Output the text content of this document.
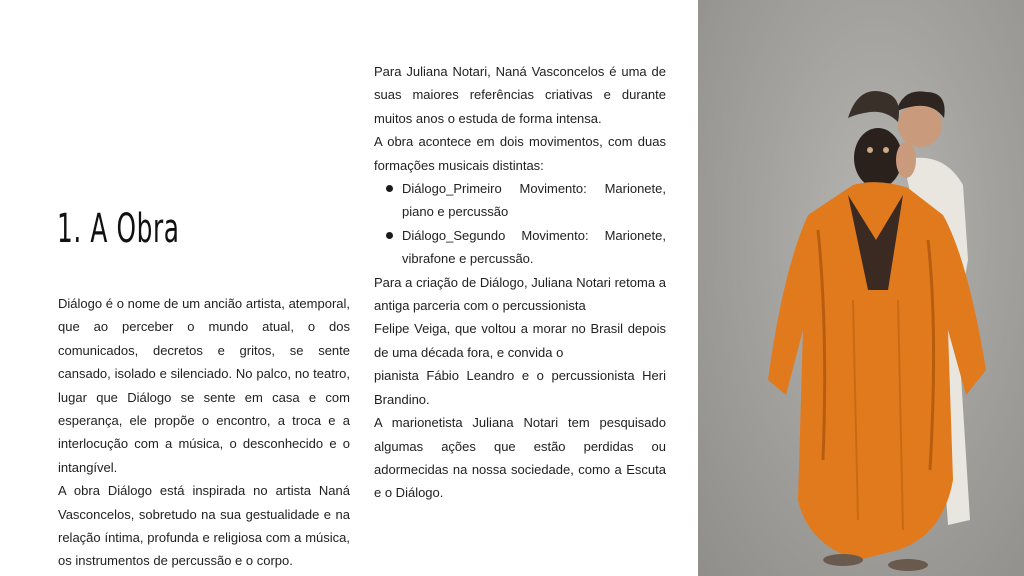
1. A Obra

Diálogo é o nome de um ancião artista, atemporal, que ao perceber o mundo atual, o dos comunicados, decretos e gritos, se sente cansado, isolado e silenciado. No palco, no teatro, lugar que Diálogo se sente em casa e com esperança, ele propõe o encontro, a troca e a interlocução com a música, o desconhecido e o intangível.

A obra Diálogo está inspirada no artista Naná Vasconcelos, sobretudo na sua gestualidade e na relação íntima, profunda e religiosa com a música, os instrumentos de percussão e o corpo.

Para Juliana Notari, Naná Vasconcelos é uma de suas maiores referências criativas e durante muitos anos o estuda de forma intensa.

A obra acontece em dois movimentos, com duas formações musicais distintas:

Diálogo_Primeiro Movimento: Marionete, piano e percussão
Diálogo_Segundo Movimento: Marionete, vibrafone e percussão.

Para a criação de Diálogo, Juliana Notari retoma a antiga parceria com o percussionista

Felipe Veiga, que voltou a morar no Brasil depois de uma década fora, e convida o

pianista Fábio Leandro e o percussionista Heri Brandino.

A marionetista Juliana Notari tem pesquisado algumas ações que estão perdidas ou adormecidas na nossa sociedade, como a Escuta e o Diálogo.
